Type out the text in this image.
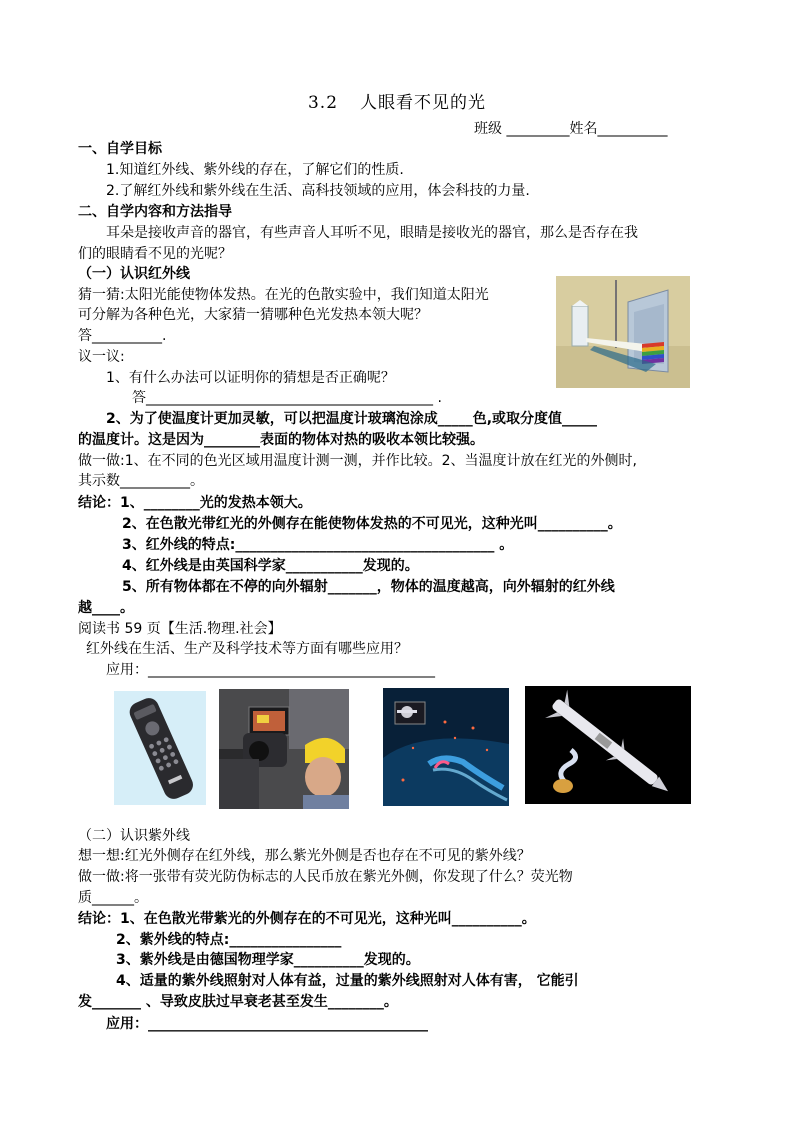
3.2 人眼看不见的光
班级 _________姓名__________
一、自学目标
1.知道红外线、紫外线的存在，了解它们的性质.
2.了解红外线和紫外线在生活、高科技领域的应用，体会科技的力量.
二、自学内容和方法指导
耳朵是接收声音的器官，有些声音人耳听不见，眼睛是接收光的器官，那么是否存在我
们的眼睛看不见的光呢？
（一）认识红外线
猜一猜:太阳光能使物体发热。在光的色散实验中，我们知道太阳光
可分解为各种色光，大家猜一猜哪种色光发热本领大呢？
答__________.
议一议:
1、有什么办法可以证明你的猜想是否正确呢？
答_________________________________________ .
2、为了使温度计更加灵敏，可以把温度计玻璃泡涂成_____色,或取分度值_____
的温度计。这是因为________表面的物体对热的吸收本领比较强。
做一做:1、在不同的色光区域用温度计测一测，并作比较。2、当温度计放在红光的外侧时,
其示数__________。
结论：1、________光的发热本领大。
2、在色散光带红光的外侧存在能使物体发热的不可见光，这种光叫__________。
3、红外线的特点:_____________________________________ 。
4、红外线是由英国科学家___________发现的。
5、所有物体都在不停的向外辐射_______，物体的温度越高，向外辐射的红外线
越____。
阅读书 59 页【生活.物理.社会】
红外线在生活、生产及科学技术等方面有哪些应用？
应用：_________________________________________
（二）认识紫外线
想一想:红光外侧存在红外线，那么紫光外侧是否也存在不可见的紫外线？
做一做:将一张带有荧光防伪标志的人民币放在紫光外侧，你发现了什么？荧光物
质______。
结论：1、在色散光带紫光的外侧存在的不可见光，这种光叫__________。
2、紫外线的特点:________________
3、紫外线是由德国物理学家__________发现的。
4、适量的紫外线照射对人体有益，过量的紫外线照射对人体有害， 它能引
发_______ 、导致皮肤过早衰老甚至发生________。
应用：________________________________________
